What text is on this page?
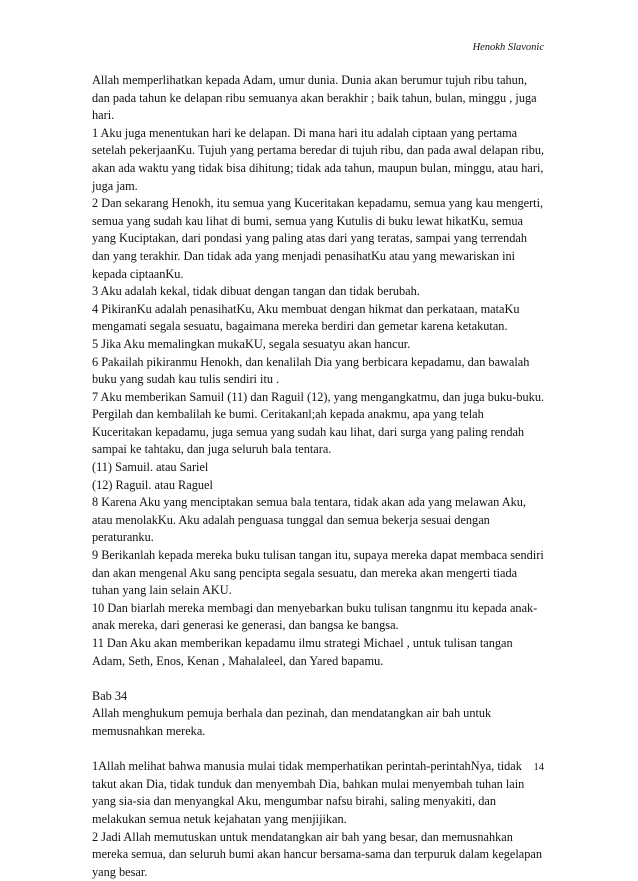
Henokh Slavonic

Allah memperlihatkan kepada Adam, umur dunia. Dunia akan berumur tujuh ribu tahun, dan pada tahun ke delapan ribu semuanya akan berakhir ; baik tahun, bulan, minggu , juga hari.

1 Aku juga menentukan hari ke delapan. Di mana hari itu adalah ciptaan yang pertama setelah pekerjaanKu. Tujuh yang pertama beredar di tujuh ribu, dan pada awal delapan ribu, akan ada waktu yang tidak bisa dihitung; tidak ada tahun, maupun bulan, minggu, atau hari, juga jam.

2 Dan sekarang Henokh, itu semua yang Kuceritakan kepadamu, semua yang kau mengerti, semua yang sudah kau lihat di bumi, semua yang Kutulis di buku lewat hikatKu, semua yang Kuciptakan, dari pondasi yang paling atas dari yang teratas, sampai yang terrendah dan yang terakhir. Dan tidak ada yang menjadi penasihatKu atau yang mewariskan ini kepada ciptaanKu.

3 Aku adalah kekal, tidak dibuat dengan tangan dan tidak berubah.

4 PikiranKu adalah penasihatKu, Aku membuat dengan hikmat dan perkataan, mataKu mengamati segala sesuatu, bagaimana mereka berdiri dan gemetar karena ketakutan.

5 Jika Aku memalingkan mukaKU, segala sesuatyu akan hancur.

6 Pakailah pikiranmu Henokh, dan kenalilah Dia yang berbicara kepadamu, dan bawalah buku yang sudah kau tulis sendiri itu .

7 Aku memberikan Samuil (11) dan Raguil (12), yang mengangkatmu, dan juga buku-buku. Pergilah dan kembalilah ke bumi. Ceritakanl;ah kepada anakmu, apa yang telah Kuceritakan kepadamu, juga semua yang sudah kau lihat, dari surga yang paling rendah sampai ke tahtaku, dan juga seluruh bala tentara.

(11) Samuil. atau Sariel

(12) Raguil. atau Raguel

8 Karena Aku yang menciptakan semua bala tentara, tidak akan ada yang melawan Aku, atau menolakKu. Aku adalah penguasa tunggal dan semua bekerja sesuai dengan peraturanku.

9 Berikanlah kepada mereka buku tulisan tangan itu, supaya mereka dapat membaca sendiri dan akan mengenal Aku sang pencipta segala sesuatu, dan mereka akan mengerti tiada tuhan yang lain selain AKU.

10 Dan biarlah mereka membagi dan menyebarkan buku tulisan tangnmu itu kepada anak-anak mereka, dari generasi ke generasi, dan bangsa ke bangsa.

11 Dan Aku akan memberikan kepadamu ilmu strategi Michael , untuk tulisan tangan Adam, Seth, Enos, Kenan , Mahalaleel, dan Yared bapamu.

Bab 34

Allah menghukum pemuja berhala dan pezinah, dan mendatangkan air bah untuk memusnahkan mereka.

1Allah melihat bahwa manusia mulai tidak memperhatikan perintah-perintahNya, tidak takut akan Dia, tidak tunduk dan menyembah Dia, bahkan mulai menyembah tuhan lain yang sia-sia dan menyangkal Aku, mengumbar nafsu birahi, saling menyakiti, dan melakukan semua netuk kejahatan yang menjijikan.

2 Jadi Allah memutuskan untuk mendatangkan air bah yang besar, dan memusnahkan mereka semua, dan seluruh bumi akan hancur bersama-sama dan terpuruk dalam kegelapan yang besar.

14
